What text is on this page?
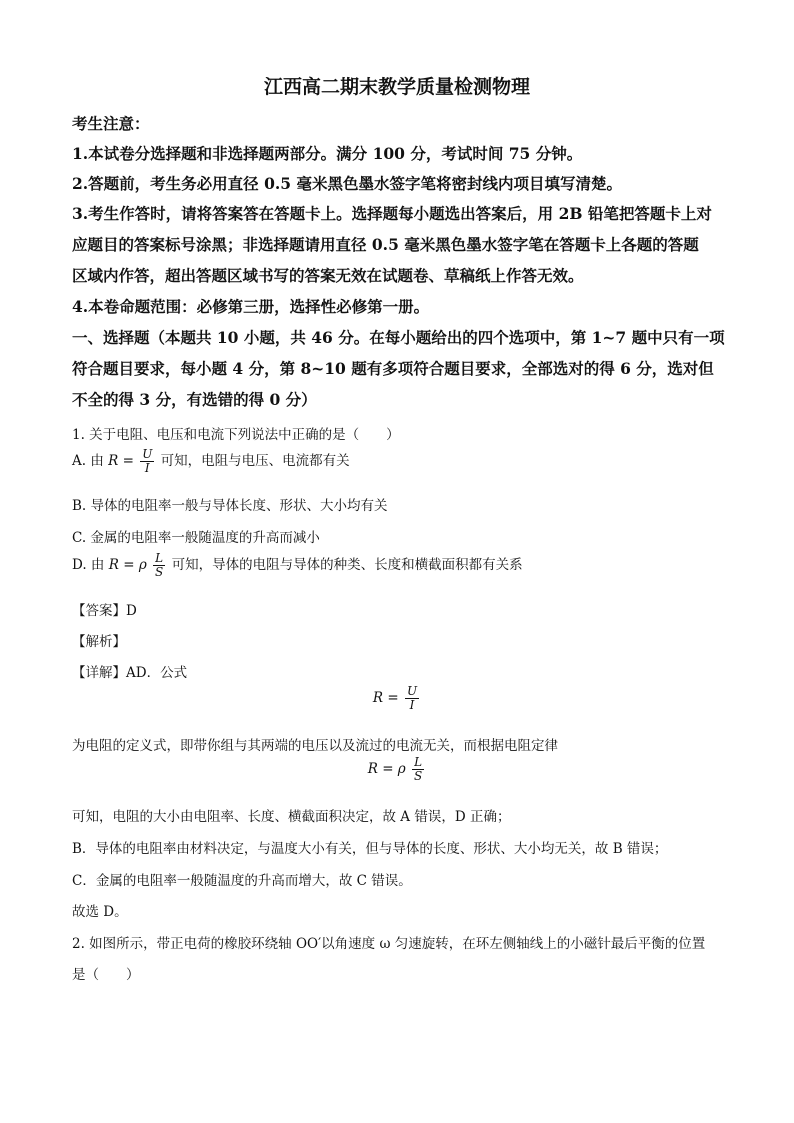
江西高二期末教学质量检测物理
考生注意：
1.本试卷分选择题和非选择题两部分。满分 100 分，考试时间 75 分钟。
2.答题前，考生务必用直径 0.5 毫米黑色墨水签字笔将密封线内项目填写清楚。
3.考生作答时，请将答案答在答题卡上。选择题每小题选出答案后，用 2B 铅笔把答题卡上对
应题目的答案标号涂黑；非选择题请用直径 0.5 毫米黑色墨水签字笔在答题卡上各题的答题
区域内作答，超出答题区域书写的答案无效在试题卷、草稿纸上作答无效。
4.本卷命题范围：必修第三册，选择性必修第一册。
一、选择题（本题共 10 小题，共 46 分。在每小题给出的四个选项中，第 1~7 题中只有一项
符合题目要求，每小题 4 分，第 8~10 题有多项符合题目要求，全部选对的得 6 分，选对但
不全的得 3 分，有选错的得 0 分）
1. 关于电阻、电压和电流下列说法中正确的是（　　）
A. 由 $R = \frac{U}{I}$ 可知，电阻与电压、电流都有关
B. 导体的电阻率一般与导体长度、形状、大小均有关
C. 金属的电阻率一般随温度的升高而减小
D. 由 R = ρ $\frac{L}{S}$ 可知，导体的电阻与导体的种类、长度和横截面积都有关系
【答案】D
【解析】
【详解】AD．公式
$R = \frac{U}{I}$
为电阻的定义式，即带你组与其两端的电压以及流过的电流无关，而根据电阻定律
R = ρ $\frac{L}{S}$
可知，电阻的大小由电阻率、长度、横截面积决定，故 A 错误，D 正确；
B．导体的电阻率由材料决定，与温度大小有关，但与导体的长度、形状、大小均无关，故 B 错误；
C．金属的电阻率一般随温度的升高而增大，故 C 错误。
故选 D。
2. 如图所示，带正电荷的橡胶环绕轴 OO′以角速度 ω 匀速旋转，在环左侧轴线上的小磁针最后平衡的位置
是（　　）
